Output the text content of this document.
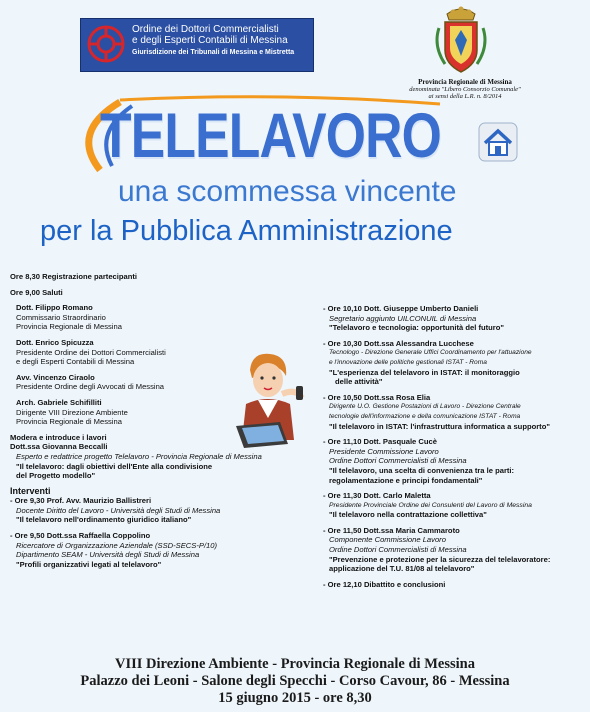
Ordine dei Dottori Commercialisti
e degli Esperti Contabili di Messina
Giurisdizione dei Tribunali di Messina e Mistretta
Provincia Regionale di Messina
denominata "Libero Consorzio Comunale"
ai sensi della L.R. n. 8/2014
TELELAVORO
una scommessa vincente
per la Pubblica Amministrazione
Ore 8,30 Registrazione partecipanti
Ore 9,00 Saluti
Dott. Filippo Romano
Commissario Straordinario
Provincia Regionale di Messina
Dott. Enrico Spicuzza
Presidente Ordine dei Dottori Commercialisti
e degli Esperti Contabili di Messina
Avv. Vincenzo Ciraolo
Presidente Ordine degli Avvocati di Messina
Arch. Gabriele Schifilliti
Dirigente VIII Direzione Ambiente
Provincia Regionale di Messina
Modera e introduce i lavori
Dott.ssa Giovanna Beccalli
Esperto e redattrice progetto Telelavoro - Provincia Regionale di Messina
"Il telelavoro: dagli obiettivi dell'Ente alla condivisione
del Progetto modello"
Interventi
- Ore 9,30 Prof. Avv. Maurizio Ballistreri
Docente Diritto del Lavoro - Università degli Studi di Messina
"Il telelavoro nell'ordinamento giuridico italiano"
- Ore 9,50 Dott.ssa Raffaella Coppolino
Ricercatore di Organizzazione Aziendale (SSD-SECS-P/10)
Dipartimento SEAM - Università degli Studi di Messina
"Profili organizzativi legati al telelavoro"
- Ore 10,10 Dott. Giuseppe Umberto Danieli
Segretario aggiunto UILCONUIL di Messina
"Telelavoro e tecnologia: opportunità del futuro"
- Ore 10,30 Dott.ssa Alessandra Lucchese
Tecnologo - Direzione Generale Uffici Coordinamento per l'attuazione
e l'innovazione delle politiche gestionali ISTAT - Roma
"L'esperienza del telelavoro in ISTAT: il monitoraggio
delle attività"
- Ore 10,50 Dott.ssa Rosa Elia
Dirigente U.O. Gestione Postazioni di Lavoro - Direzione Centrale
tecnologie dell'informazione e della comunicazione ISTAT - Roma
"Il telelavoro in ISTAT: l'infrastruttura informatica a supporto"
- Ore 11,10 Dott. Pasquale Cucè
Presidente Commissione Lavoro
Ordine Dottori Commercialisti di Messina
"Il telelavoro, una scelta di convenienza tra le parti:
regolamentazione e principi fondamentali"
- Ore 11,30 Dott. Carlo Maletta
Presidente Provinciale Ordine dei Consulenti del Lavoro di Messina
"Il telelavoro nella contrattazione collettiva"
- Ore 11,50 Dott.ssa Maria Cammaroto
Componente Commissione Lavoro
Ordine Dottori Commercialisti di Messina
"Prevenzione e protezione per la sicurezza del telelavoratore:
applicazione del T.U. 81/08 al telelavoro"
- Ore 12,10 Dibattito e conclusioni
VIII Direzione Ambiente - Provincia Regionale di Messina
Palazzo dei Leoni - Salone degli Specchi - Corso Cavour, 86 - Messina
15 giugno 2015 - ore 8,30
